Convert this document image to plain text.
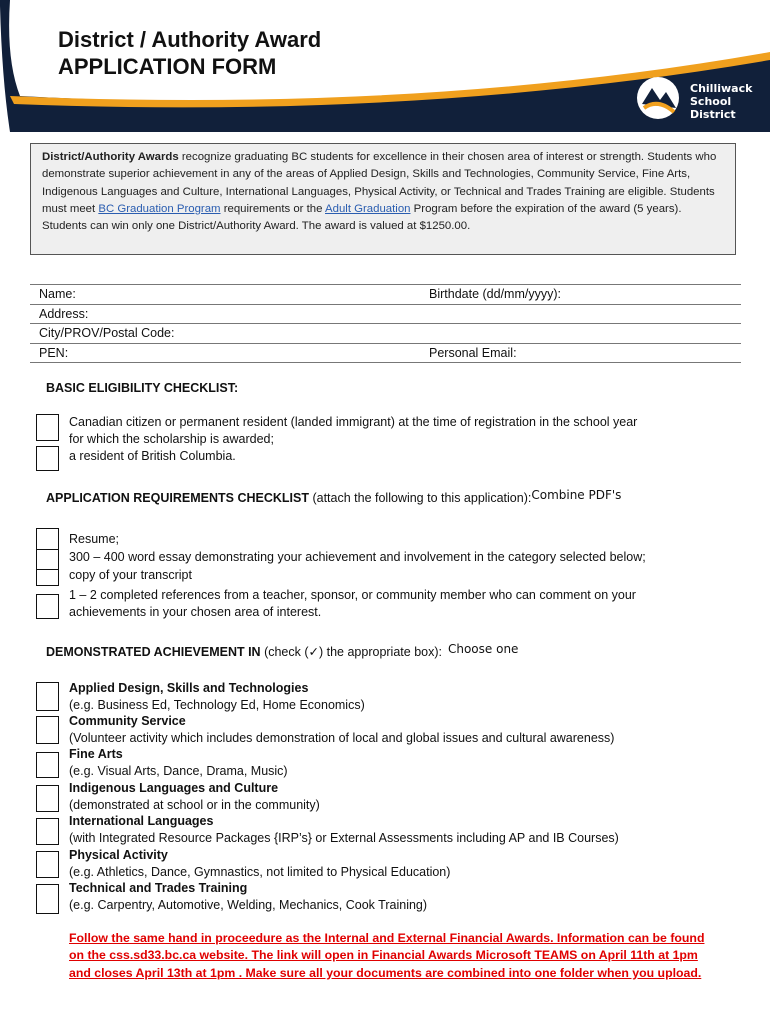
District / Authority Award
APPLICATION FORM
Chilliwack
School District
District/Authority Awards recognize graduating BC students for excellence in their chosen area of interest or strength. Students who demonstrate superior achievement in any of the areas of Applied Design, Skills and Technologies, Community Service, Fine Arts, Indigenous Languages and Culture, International Languages, Physical Activity, or Technical and Trades Training are eligible. Students must meet BC Graduation Program requirements or the Adult Graduation Program before the expiration of the award (5 years). Students can win only one District/Authority Award. The award is valued at $1250.00.
Name:	Birthdate (dd/mm/yyyy):
Address:
City/PROV/Postal Code:
PEN:	Personal Email:
BASIC ELIGIBILITY CHECKLIST:
Canadian citizen or permanent resident (landed immigrant) at the time of registration in the school year
for which the scholarship is awarded;
a resident of British Columbia.
APPLICATION REQUIREMENTS CHECKLIST (attach the following to this application):Combine PDF's
Resume;
300 – 400 word essay demonstrating your achievement and involvement in the category selected below;
copy of your transcript
1 – 2 completed references from a teacher, sponsor, or community member who can comment on your
achievements in your chosen area of interest.
DEMONSTRATED ACHIEVEMENT IN (check (✓) the appropriate box): Choose one
Applied Design, Skills and Technologies
(e.g. Business Ed, Technology Ed, Home Economics)
Community Service
(Volunteer activity which includes demonstration of local and global issues and cultural awareness)
Fine Arts
(e.g. Visual Arts, Dance, Drama, Music)
Indigenous Languages and Culture
(demonstrated at school or in the community)
International Languages
(with Integrated Resource Packages {IRP’s} or External Assessments including AP and IB Courses)
Physical Activity
(e.g. Athletics, Dance, Gymnastics, not limited to Physical Education)
Technical and Trades Training
(e.g. Carpentry, Automotive, Welding, Mechanics, Cook Training)
Follow the same hand in proceedure as the Internal and External Financial Awards. Information can be found on the css.sd33.bc.ca website. The link will open in Financial Awards Microsoft TEAMS on April 11th at 1pm and closes April 13th at 1pm . Make sure all your documents are combined into one folder when you upload.
